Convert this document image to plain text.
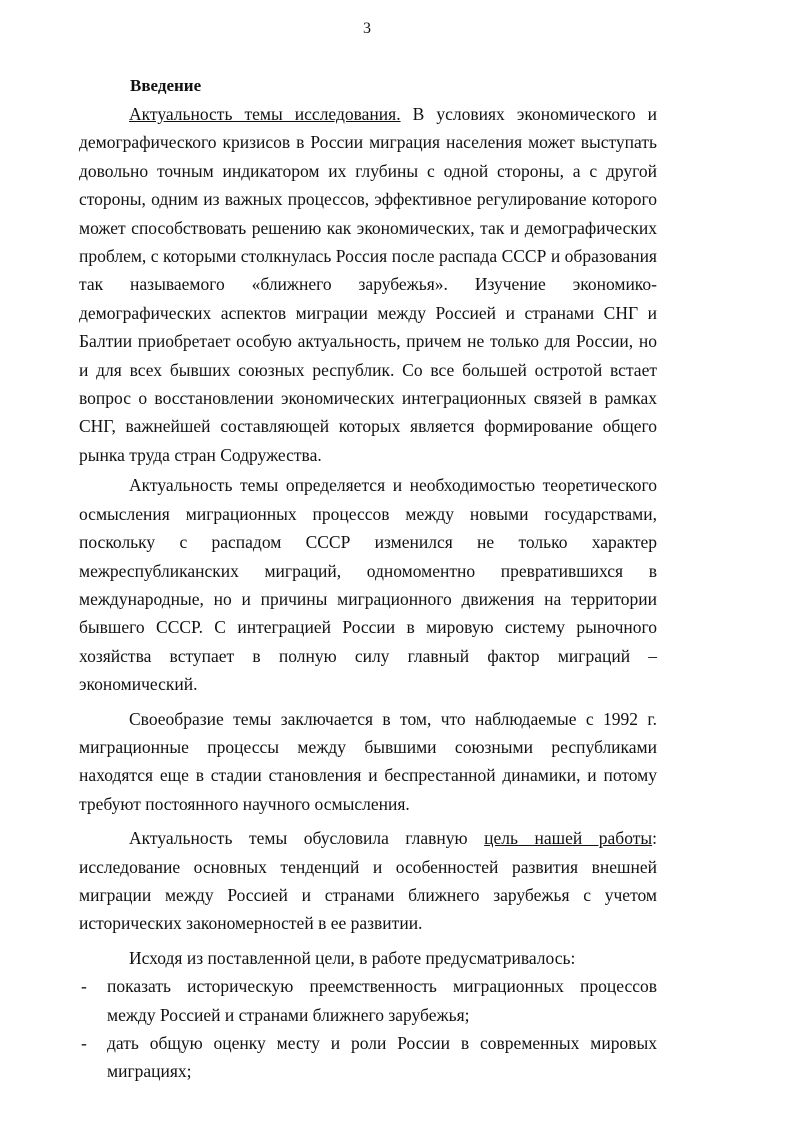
3
Введение

Актуальность темы исследования. В условиях экономического и демографического кризисов в России миграция населения может выступать довольно точным индикатором их глубины с одной стороны, а с другой стороны, одним из важных процессов, эффективное регулирование которого может способствовать решению как экономических, так и демографических проблем, с которыми столкнулась Россия после распада СССР и образования так называемого «ближнего зарубежья». Изучение экономико-демографических аспектов миграции между Россией и странами СНГ и Балтии приобретает особую актуальность, причем не только для России, но и для всех бывших союзных республик. Со все большей остротой встает вопрос о восстановлении экономических интеграционных связей в рамках СНГ, важнейшей составляющей которых является формирование общего рынка труда стран Содружества.

Актуальность темы определяется и необходимостью теоретического осмысления миграционных процессов между новыми государствами, поскольку с распадом СССР изменился не только характер межреспубликанских миграций, одномоментно превратившихся в международные, но и причины миграционного движения на территории бывшего СССР. С интеграцией России в мировую систему рыночного хозяйства вступает в полную силу главный фактор миграций – экономический.

Своеобразие темы заключается в том, что наблюдаемые с 1992 г. миграционные процессы между бывшими союзными республиками находятся еще в стадии становления и беспрестанной динамики, и потому требуют постоянного научного осмысления.

Актуальность темы обусловила главную цель нашей работы: исследование основных тенденций и особенностей развития внешней миграции между Россией и странами ближнего зарубежья с учетом исторических закономерностей в ее развитии.

Исходя из поставленной цели, в работе предусматривалось:

- показать историческую преемственность миграционных процессов между Россией и странами ближнего зарубежья;
- дать общую оценку месту и роли России в современных мировых миграциях;
